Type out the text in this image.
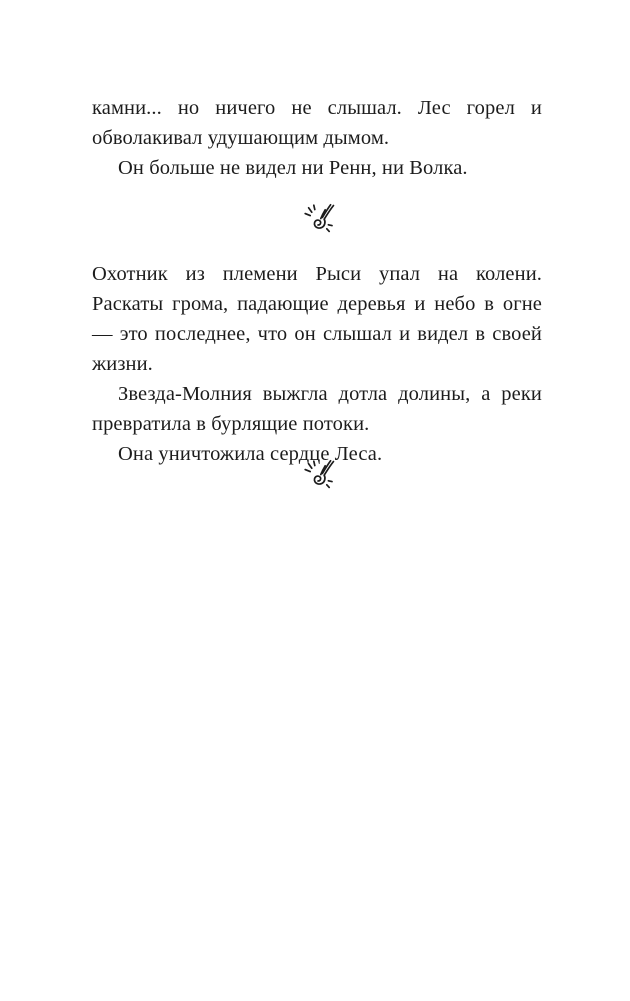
камни... но ничего не слышал. Лес горел и обволакивал удушающим дымом.

Он больше не видел ни Ренн, ни Волка.

Охотник из племени Рыси упал на колени. Раскаты грома, падающие деревья и небо в огне — это последнее, что он слышал и видел в своей жизни.

Звезда-Молния выжгла дотла долины, а реки превратила в бурлящие потоки.

Она уничтожила сердце Леса.
